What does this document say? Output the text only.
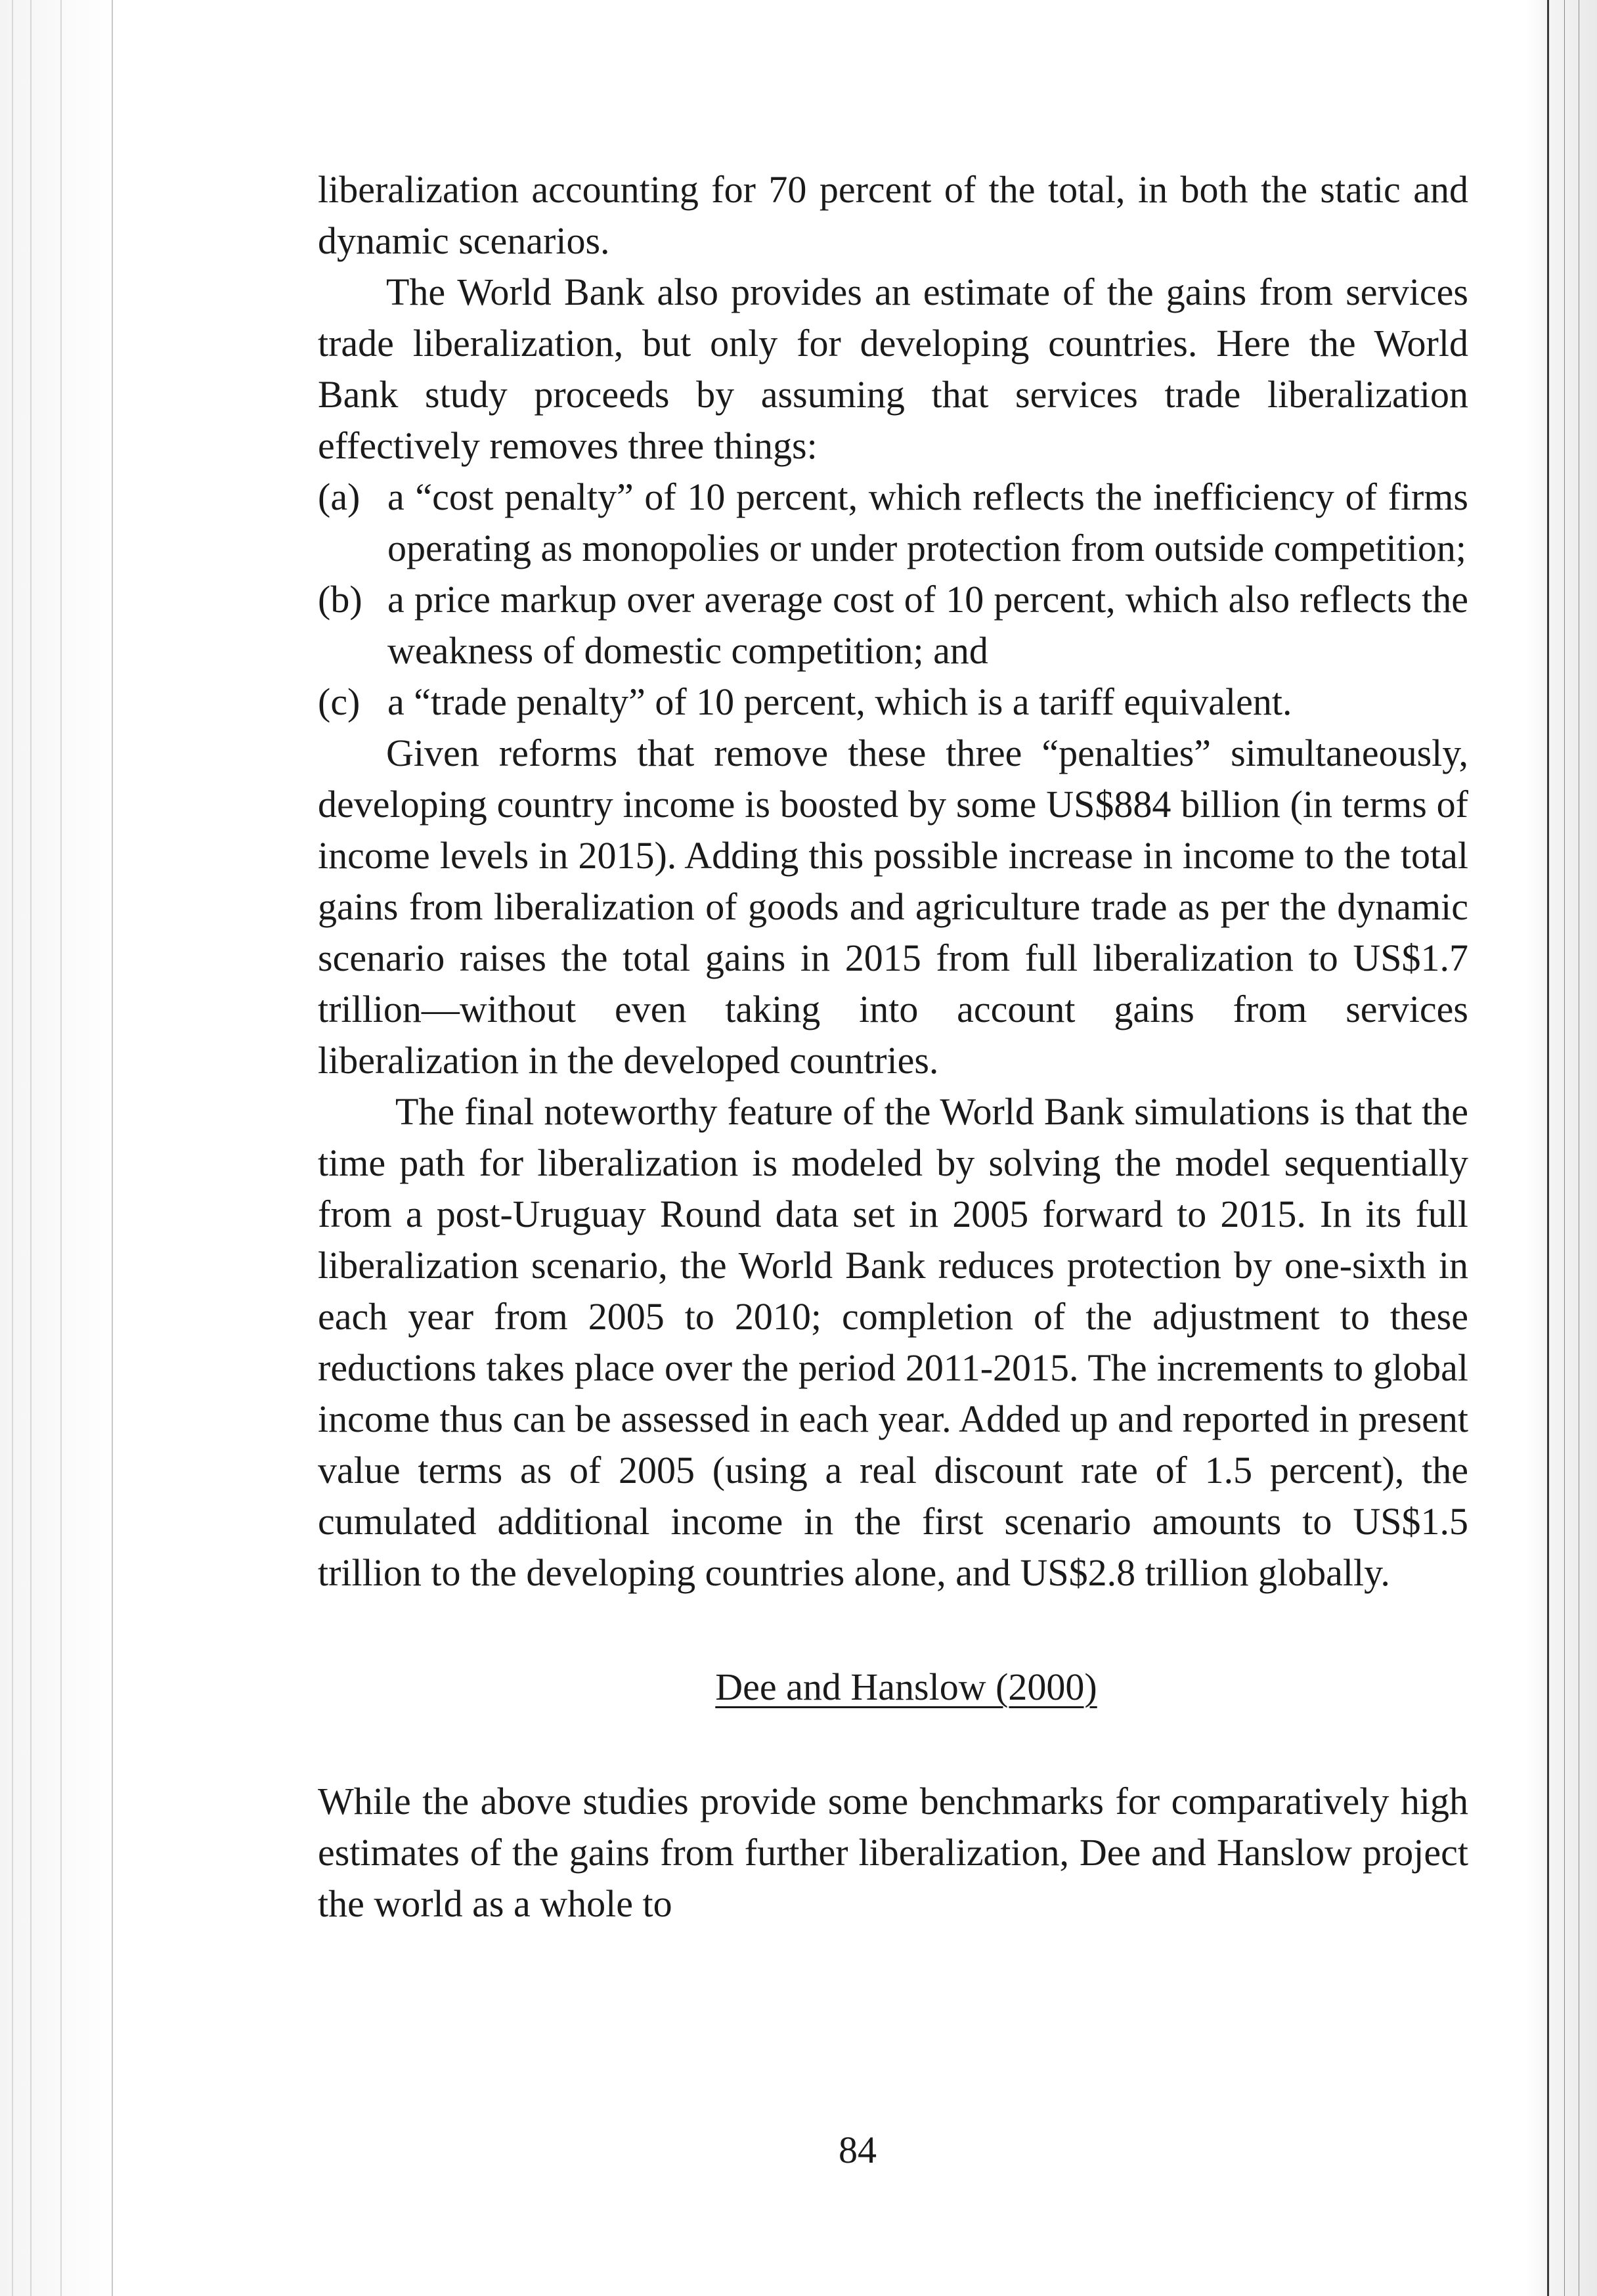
liberalization accounting for 70 percent of the total, in both the static and dynamic scenarios.

The World Bank also provides an estimate of the gains from services trade liberalization, but only for developing countries. Here the World Bank study proceeds by assuming that services trade liberalization effectively removes three things:

(a) a “cost penalty” of 10 percent, which reflects the inefficiency of firms operating as monopolies or under protection from outside competition;
(b) a price markup over average cost of 10 percent, which also reflects the weakness of domestic competition; and
(c) a “trade penalty” of 10 percent, which is a tariff equivalent.

Given reforms that remove these three “penalties” simultaneously, developing country income is boosted by some US$884 billion (in terms of income levels in 2015). Adding this possible increase in income to the total gains from liberalization of goods and agriculture trade as per the dynamic scenario raises the total gains in 2015 from full liberalization to US$1.7 trillion—without even taking into account gains from services liberalization in the developed countries.

The final noteworthy feature of the World Bank simulations is that the time path for liberalization is modeled by solving the model sequentially from a post-Uruguay Round data set in 2005 forward to 2015. In its full liberalization scenario, the World Bank reduces protection by one-sixth in each year from 2005 to 2010; completion of the adjustment to these reductions takes place over the period 2011-2015. The increments to global income thus can be assessed in each year. Added up and reported in present value terms as of 2005 (using a real discount rate of 1.5 percent), the cumulated additional income in the first scenario amounts to US$1.5 trillion to the developing countries alone, and US$2.8 trillion globally.

Dee and Hanslow (2000)

While the above studies provide some benchmarks for comparatively high estimates of the gains from further liberalization, Dee and Hanslow project the world as a whole to

84
